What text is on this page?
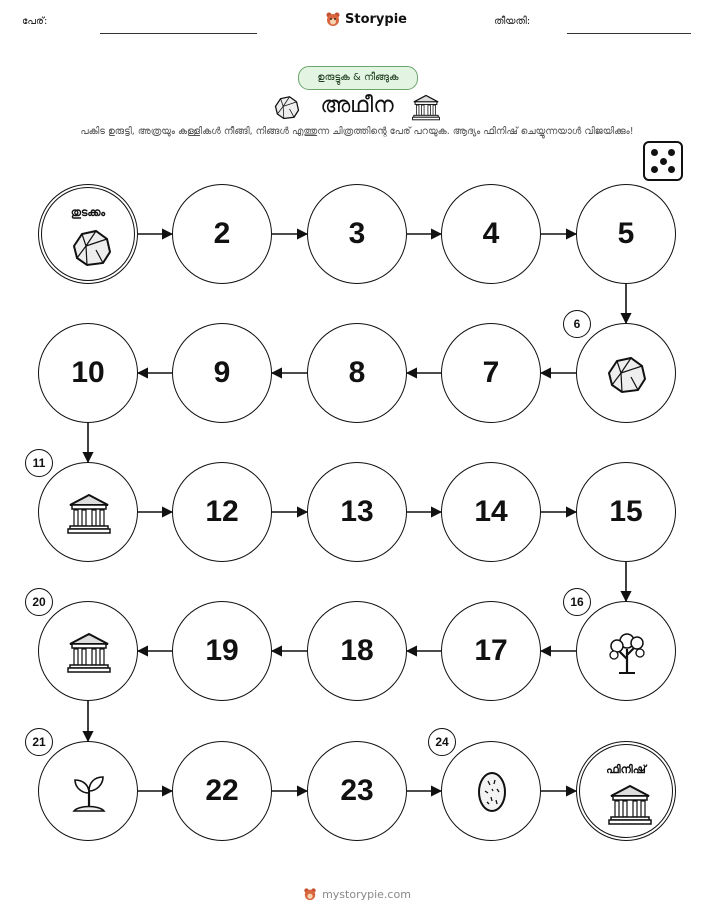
പേര്:	Storypie	തീയതി:
ഉരുട്ടുക & നീങ്ങുക
അഥീന
പകിട ഉരുട്ടി, അത്രയും കള്ളികൾ നീങ്ങി, നിങ്ങൾ എത്തുന്ന ചിത്രത്തിന്റെ പേര് പറയുക. ആദ്യം ഫിനിഷ് ചെയ്യുന്നയാൾ വിജയിക്കും!
തുടക്കം
2	3	4	5
6
7
8
9
10
11
12	13	14	15
16
17
18
19
20
21
22	23
24
ഫിനിഷ്
mystorypie.com
